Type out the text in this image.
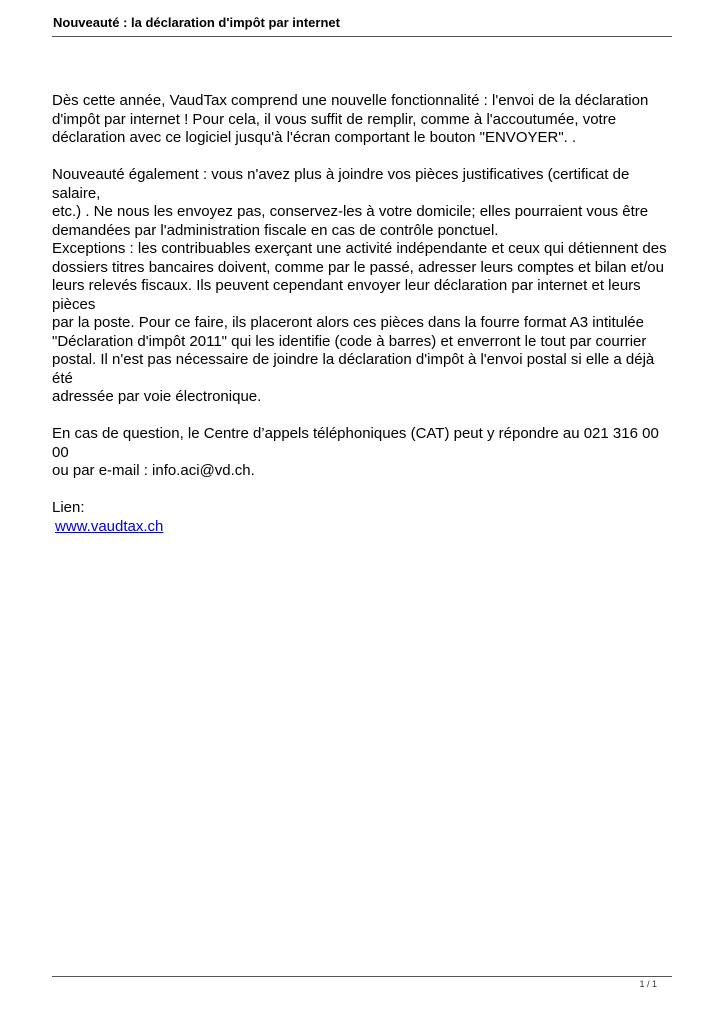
Nouveauté : la déclaration d'impôt par internet

Dès cette année, VaudTax comprend une nouvelle fonctionnalité : l'envoi de la déclaration

d'impôt par internet ! Pour cela, il vous suffit de remplir, comme à l'accoutumée, votre

déclaration avec ce logiciel jusqu'à l'écran comportant le bouton "ENVOYER". .

Nouveauté également : vous n'avez plus à joindre vos pièces justificatives (certificat de salaire,

etc.) . Ne nous les envoyez pas, conservez-les à votre domicile; elles pourraient vous être

demandées par l'administration fiscale en cas de contrôle ponctuel.

Exceptions : les contribuables exerçant une activité indépendante et ceux qui détiennent des

dossiers titres bancaires doivent, comme par le passé, adresser leurs comptes et bilan et/ou

leurs relevés fiscaux. Ils peuvent cependant envoyer leur déclaration par internet et leurs pièces

par la poste. Pour ce faire, ils placeront alors ces pièces dans la fourre format A3 intitulée

"Déclaration d'impôt 2011" qui les identifie (code à barres) et enverront le tout par courrier

postal. Il n'est pas nécessaire de joindre la déclaration d'impôt à l'envoi postal si elle a déjà été

adressée par voie électronique.

En cas de question, le Centre d’appels téléphoniques (CAT) peut y répondre au 021 316 00 00

ou par e-mail : info.aci@vd.ch.

Lien:

www.vaudtax.ch

1 / 1
